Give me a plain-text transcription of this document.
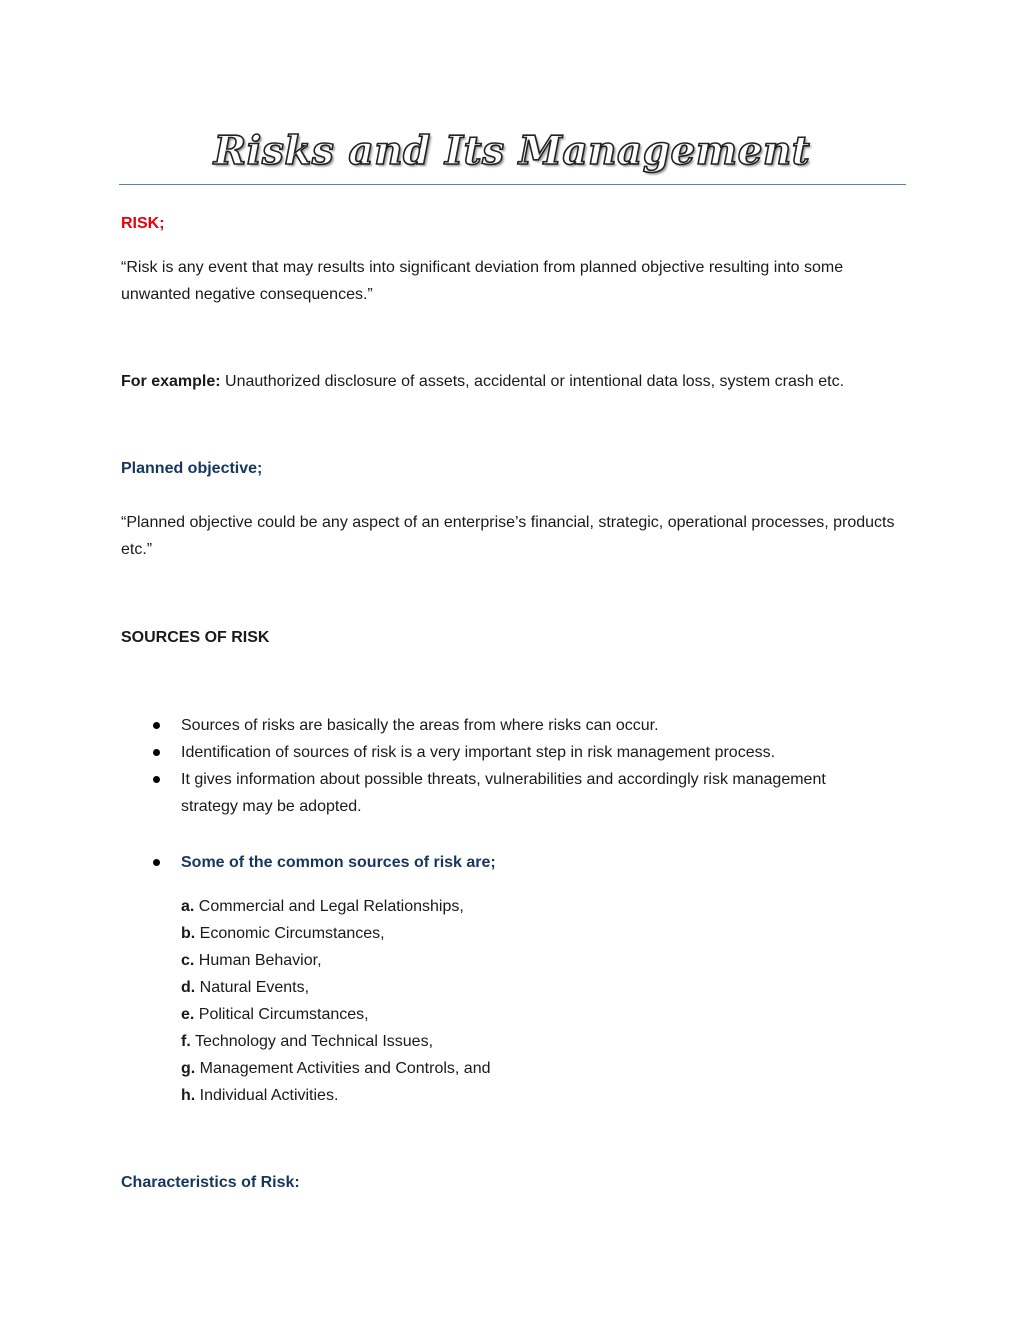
Risks and Its Management

RISK;

“Risk is any event that may results into significant deviation from planned objective resulting into some unwanted negative consequences.”

For example: Unauthorized disclosure of assets, accidental or intentional data loss, system crash etc.

Planned objective;

“Planned objective could be any aspect of an enterprise’s financial, strategic, operational processes, products etc.”

SOURCES OF RISK

Sources of risks are basically the areas from where risks can occur.
Identification of sources of risk is a very important step in risk management process.
It gives information about possible threats, vulnerabilities and accordingly risk management strategy may be adopted.
Some of the common sources of risk are;
a. Commercial and Legal Relationships,
b. Economic Circumstances,
c. Human Behavior,
d. Natural Events,
e. Political Circumstances,
f. Technology and Technical Issues,
g. Management Activities and Controls, and
h. Individual Activities.

Characteristics of Risk:
